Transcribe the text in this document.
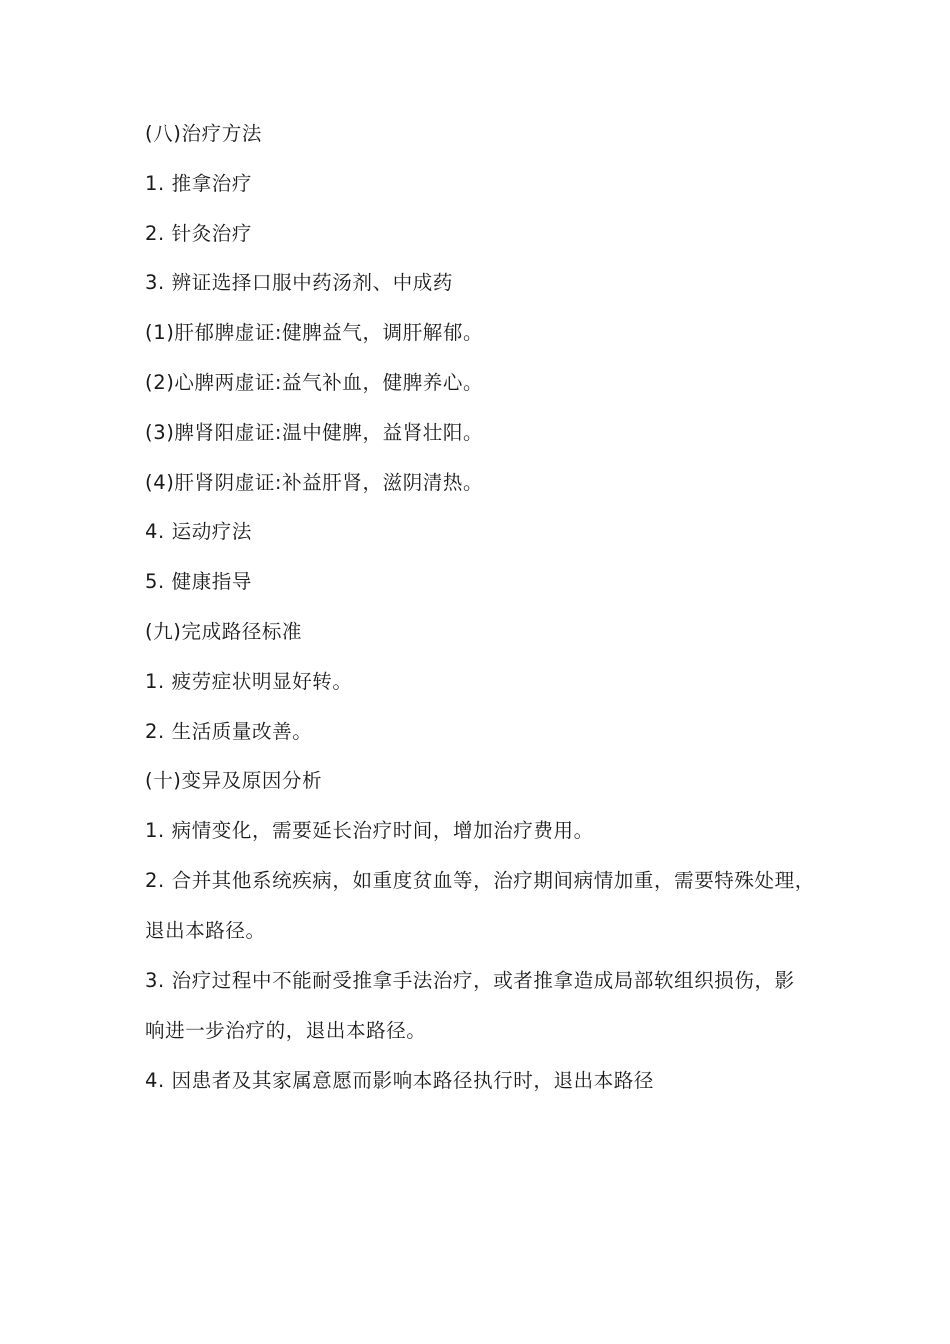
(八)治疗方法
1. 推拿治疗
2. 针灸治疗
3. 辨证选择口服中药汤剂、中成药
(1)肝郁脾虚证:健脾益气，调肝解郁。
(2)心脾两虚证:益气补血，健脾养心。
(3)脾肾阳虚证:温中健脾，益肾壮阳。
(4)肝肾阴虚证:补益肝肾，滋阴清热。
4. 运动疗法
5. 健康指导
(九)完成路径标准
1. 疲劳症状明显好转。
2. 生活质量改善。
(十)变异及原因分析
1. 病情变化，需要延长治疗时间，增加治疗费用。
2. 合并其他系统疾病，如重度贫血等，治疗期间病情加重，需要特殊处理，
退出本路径。
3. 治疗过程中不能耐受推拿手法治疗，或者推拿造成局部软组织损伤，影
响进一步治疗的，退出本路径。
4. 因患者及其家属意愿而影响本路径执行时，退出本路径
